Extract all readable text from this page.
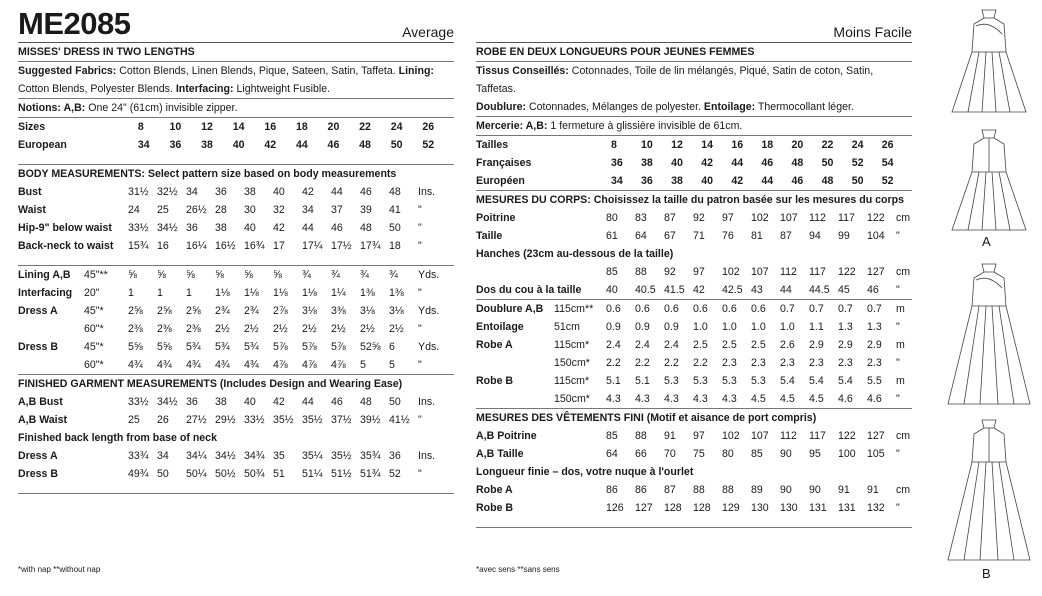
ME2085	Average
MISSES' DRESS IN TWO LENGTHS
Suggested Fabrics: Cotton Blends, Linen Blends, Pique, Sateen, Satin, Taffeta. Lining: Cotton Blends, Polyester Blends. Interfacing: Lightweight Fusible.
Notions: A,B: One 24" (61cm) invisible zipper.
Sizes	8	10	12	14	16	18	20	22	24	26
European	34	36	38	40	42	44	46	48	50	52
BODY MEASUREMENTS: Select pattern size based on body measurements
Bust	31½	32½	34	36	38	40	42	44	46	48	Ins.
Waist	24	25	26½	28	30	32	34	37	39	41	"
Hip-9" below waist	33½	34½	36	38	40	42	44	46	48	50	"
Back-neck to waist	15¾	16	16¼	16½	16¾	17	17¼	17½	17¾	18	"
Lining A,B	45"**	⅝	⅝	⅝	⅝	⅝	⅝	¾	¾	¾	¾	Yds.
Interfacing	20"	1	1	1	1⅛	1⅛	1⅛	1⅛	1¼	1⅜	1⅜	"
Dress A	45"*	2⅝	2⅝	2⅝	2¾	2¾	2⅞	3⅛	3⅜	3⅛	3⅛	Yds.
	60"*	2⅜	2⅜	2⅜	2½	2½	2½	2½	2½	2½	2½	"
Dress B	45"*	5⅝	5⅝	5¾	5¾	5¾	5⅞	5⅞	5⅞	52⅝	6	Yds.
	60"*	4¾	4¾	4¾	4¾	4¾	4⅞	4⅞	4⅞	5	5	"
FINISHED GARMENT MEASUREMENTS (Includes Design and Wearing Ease)
A,B Bust	33½	34½	36	38	40	42	44	46	48	50	Ins.
A,B Waist	25	26	27½	29½	33½	35½	35½	37½	39½	41½	"
Finished back length from base of neck
Dress A	33¾	34	34¼	34½	34¾	35	35¼	35½	35¾	36	Ins.
Dress B	49¾	50	50¼	50½	50¾	51	51¼	51½	51¾	52	"
Moins Facile
ROBE EN DEUX LONGUEURS POUR JEUNES FEMMES
Tissus Conseillés: Cotonnades, Toile de lin mélangés, Piqué, Satin de coton, Satin, Taffetas.
Doublure: Cotonnades, Mélanges de polyester. Entoilage: Thermocollant léger.
Mercerie: A,B: 1 fermeture à glissière invisible de 61cm.
Tailles	8	10	12	14	16	18	20	22	24	26
Françaises	36	38	40	42	44	46	48	50	52	54
Européen	34	36	38	40	42	44	46	48	50	52
MESURES DU CORPS: Choisissez la taille du patron basée sur les mesures du corps
Poitrine	80	83	87	92	97	102	107	112	117	122	cm
Taille	61	64	67	71	76	81	87	94	99	104	"
Hanches (23cm au-dessous de la taille)
	85	88	92	97	102	107	112	117	122	127	cm
Dos du cou à la taille	40	40.5	41.5	42	42.5	43	44	44.5	45	46	"
Doublure A,B	115cm**	0.6	0.6	0.6	0.6	0.6	0.6	0.7	0.7	0.7	0.7	m
Entoilage	51cm	0.9	0.9	0.9	1.0	1.0	1.0	1.0	1.1	1.3	1.3	"
Robe A	115cm*	2.4	2.4	2.4	2.5	2.5	2.5	2.6	2.9	2.9	2.9	m
	150cm*	2.2	2.2	2.2	2.2	2.3	2.3	2.3	2.3	2.3	2.3	"
Robe B	115cm*	5.1	5.1	5.3	5.3	5.3	5.3	5.4	5.4	5.4	5.5	m
	150cm*	4.3	4.3	4.3	4.3	4.3	4.5	4.5	4.5	4.6	4.6	"
MESURES DES VÊTEMENTS FINI (Motif et aisance de port compris)
A,B Poitrine	85	88	91	97	102	107	112	117	122	127	cm
A,B Taille	64	66	70	75	80	85	90	95	100	105	"
Longueur finie – dos, votre nuque à l'ourlet
Robe A	86	86	87	88	88	89	90	90	91	91	cm
Robe B	126	127	128	128	129	130	130	131	131	132	"
*with nap **without nap	*avec sens **sans sens
A
B
